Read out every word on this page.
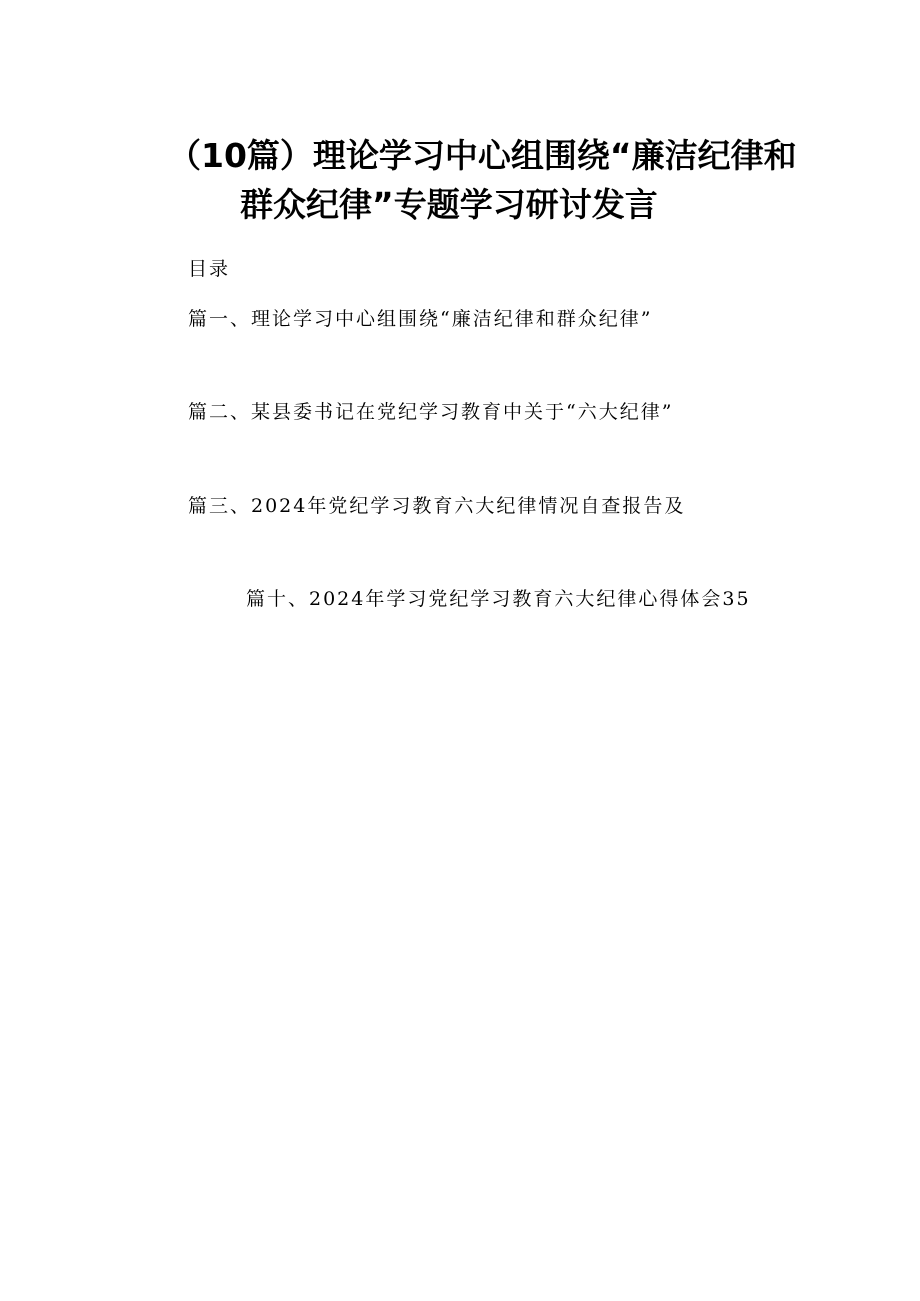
（10篇）理论学习中心组围绕“廉洁纪律和
群众纪律”专题学习研讨发言
目录
篇一、理论学习中心组围绕“廉洁纪律和群众纪律”
篇二、某县委书记在党纪学习教育中关于“六大纪律”
篇三、2024年党纪学习教育六大纪律情况自查报告及
篇十、2024年学习党纪学习教育六大纪律心得体会35
